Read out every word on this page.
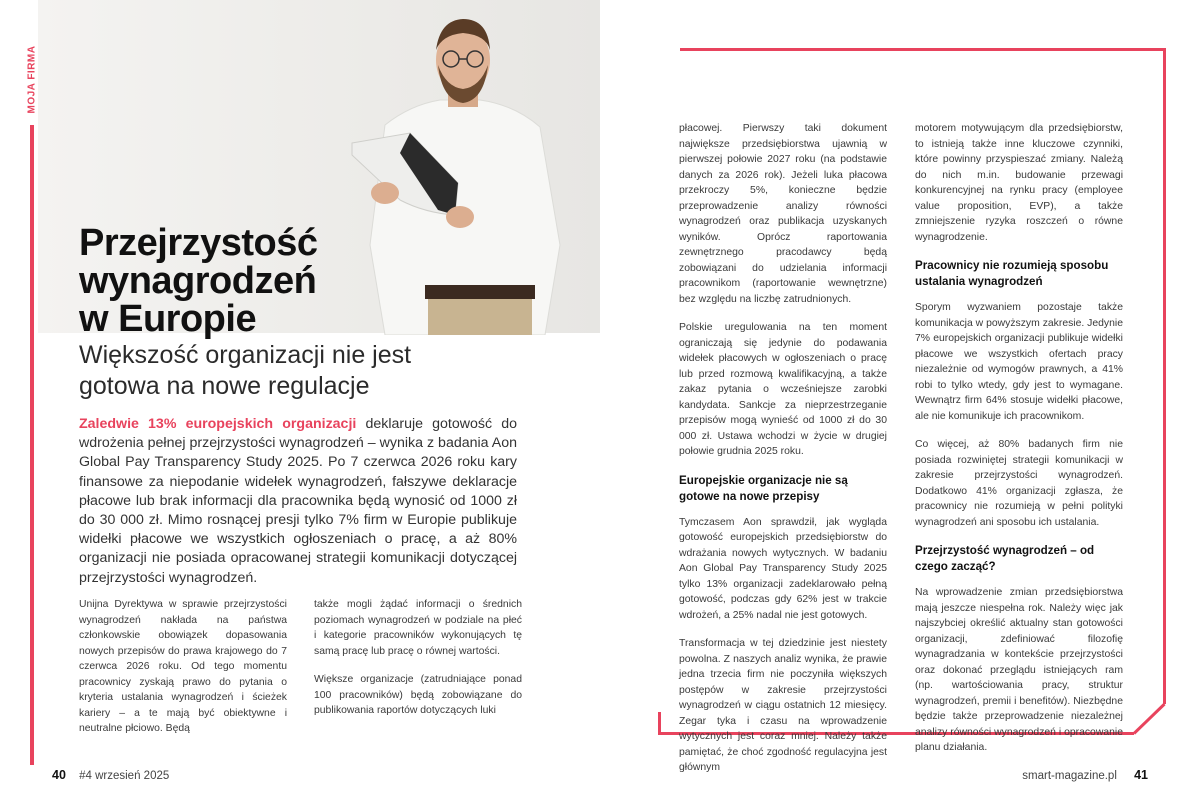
MOJA FIRMA
Przejrzystość
wynagrodzeń
w Europie
Większość organizacji nie jest
gotowa na nowe regulacje
Zaledwie 13% europejskich organizacji deklaruje gotowość do wdrożenia pełnej przejrzystości wynagrodzeń – wynika z badania Aon Global Pay Transparency Study 2025. Po 7 czerwca 2026 roku kary finansowe za niepodanie widełek wynagrodzeń, fałszywe deklaracje płacowe lub brak informacji dla pracownika będą wynosić od 1000 zł do 30 000 zł. Mimo rosnącej presji tylko 7% firm w Europie publikuje widełki płacowe we wszystkich ogłoszeniach o pracę, a aż 80% organizacji nie posiada opracowanej strategii komunikacji dotyczącej przejrzystości wynagrodzeń.

Unijna Dyrektywa w sprawie przejrzystości wynagrodzeń nakłada na państwa członkowskie obowiązek dopasowania nowych przepisów do prawa krajowego do 7 czerwca 2026 roku. Od tego momentu pracownicy zyskają prawo do pytania o kryteria ustalania wynagrodzeń i ścieżek kariery – a te mają być obiektywne i neutralne płciowo. Będą

także mogli żądać informacji o średnich poziomach wynagrodzeń w podziale na płeć i kategorie pracowników wykonujących tę samą pracę lub pracę o równej wartości.

Większe organizacje (zatrudniające ponad 100 pracowników) będą zobowiązane do publikowania raportów dotyczących luki

40 #4 wrzesień 2025

płacowej. Pierwszy taki dokument największe przedsiębiorstwa ujawnią w pierwszej połowie 2027 roku (na podstawie danych za 2026 rok). Jeżeli luka płacowa przekroczy 5%, konieczne będzie przeprowadzenie analizy równości wynagrodzeń oraz publikacja uzyskanych wyników. Oprócz raportowania zewnętrznego pracodawcy będą zobowiązani do udzielania informacji pracownikom (raportowanie wewnętrzne) bez względu na liczbę zatrudnionych.

Polskie uregulowania na ten moment ograniczają się jedynie do podawania widełek płacowych w ogłoszeniach o pracę lub przed rozmową kwalifikacyjną, a także zakaz pytania o wcześniejsze zarobki kandydata. Sankcje za nieprzestrzeganie przepisów mogą wynieść od 1000 zł do 30 000 zł. Ustawa wchodzi w życie w drugiej połowie grudnia 2025 roku.

Europejskie organizacje nie są gotowe na nowe przepisy

Tymczasem Aon sprawdził, jak wygląda gotowość europejskich przedsiębiorstw do wdrażania nowych wytycznych. W badaniu Aon Global Pay Transparency Study 2025 tylko 13% organizacji zadeklarowało pełną gotowość, podczas gdy 62% jest w trakcie wdrożeń, a 25% nadal nie jest gotowych.

Transformacja w tej dziedzinie jest niestety powolna. Z naszych analiz wynika, że prawie jedna trzecia firm nie poczyniła większych postępów w zakresie przejrzystości wynagrodzeń w ciągu ostatnich 12 miesięcy. Zegar tyka i czasu na wprowadzenie wytycznych jest coraz mniej. Należy także pamiętać, że choć zgodność regulacyjna jest głównym

motorem motywującym dla przedsiębiorstw, to istnieją także inne kluczowe czynniki, które powinny przyspieszać zmiany. Należą do nich m.in. budowanie przewagi konkurencyjnej na rynku pracy (employee value proposition, EVP), a także zmniejszenie ryzyka roszczeń o równe wynagrodzenie.

Pracownicy nie rozumieją sposobu ustalania wynagrodzeń

Sporym wyzwaniem pozostaje także komunikacja w powyższym zakresie. Jedynie 7% europejskich organizacji publikuje widełki płacowe we wszystkich ofertach pracy niezależnie od wymogów prawnych, a 41% robi to tylko wtedy, gdy jest to wymagane. Wewnątrz firm 64% stosuje widełki płacowe, ale nie komunikuje ich pracownikom.

Co więcej, aż 80% badanych firm nie posiada rozwiniętej strategii komunikacji w zakresie przejrzystości wynagrodzeń. Dodatkowo 41% organizacji zgłasza, że pracownicy nie rozumieją w pełni polityki wynagrodzeń ani sposobu ich ustalania.

Przejrzystość wynagrodzeń – od czego zacząć?

Na wprowadzenie zmian przedsiębiorstwa mają jeszcze niespełna rok. Należy więc jak najszybciej określić aktualny stan gotowości organizacji, zdefiniować filozofię wynagradzania w kontekście przejrzystości oraz dokonać przeglądu istniejących ram (np. wartościowania pracy, struktur wynagrodzeń, premii i benefitów). Niezbędne będzie także przeprowadzenie niezależnej analizy równości wynagrodzeń i opracowanie planu działania.

smart-magazine.pl 41
